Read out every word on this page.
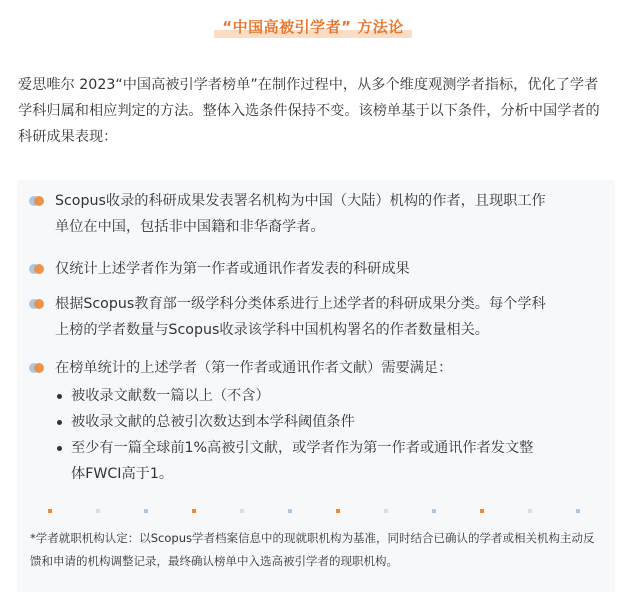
“中国高被引学者” 方法论
爱思唯尔 2023“中国高被引学者榜单”在制作过程中，从多个维度观测学者指标，优化了学者学科归属和相应判定的方法。整体入选条件保持不变。该榜单基于以下条件，分析中国学者的科研成果表现：
Scopus收录的科研成果发表署名机构为中国（大陆）机构的作者，且现职工作
单位在中国，包括非中国籍和非华裔学者。
仅统计上述学者作为第一作者或通讯作者发表的科研成果
根据Scopus教育部一级学科分类体系进行上述学者的科研成果分类。每个学科
上榜的学者数量与Scopus收录该学科中国机构署名的作者数量相关。
在榜单统计的上述学者（第一作者或通讯作者文献）需要满足：
被收录文献数一篇以上（不含）
被收录文献的总被引次数达到本学科阈值条件
至少有一篇全球前1%高被引文献，或学者作为第一作者或通讯作者发文整
体FWCI高于1。
*学者就职机构认定：以Scopus学者档案信息中的现就职机构为基准，同时结合已确认的学者或相关机构主动反馈和申请的机构调整记录，最终确认榜单中入选高被引学者的现职机构。
